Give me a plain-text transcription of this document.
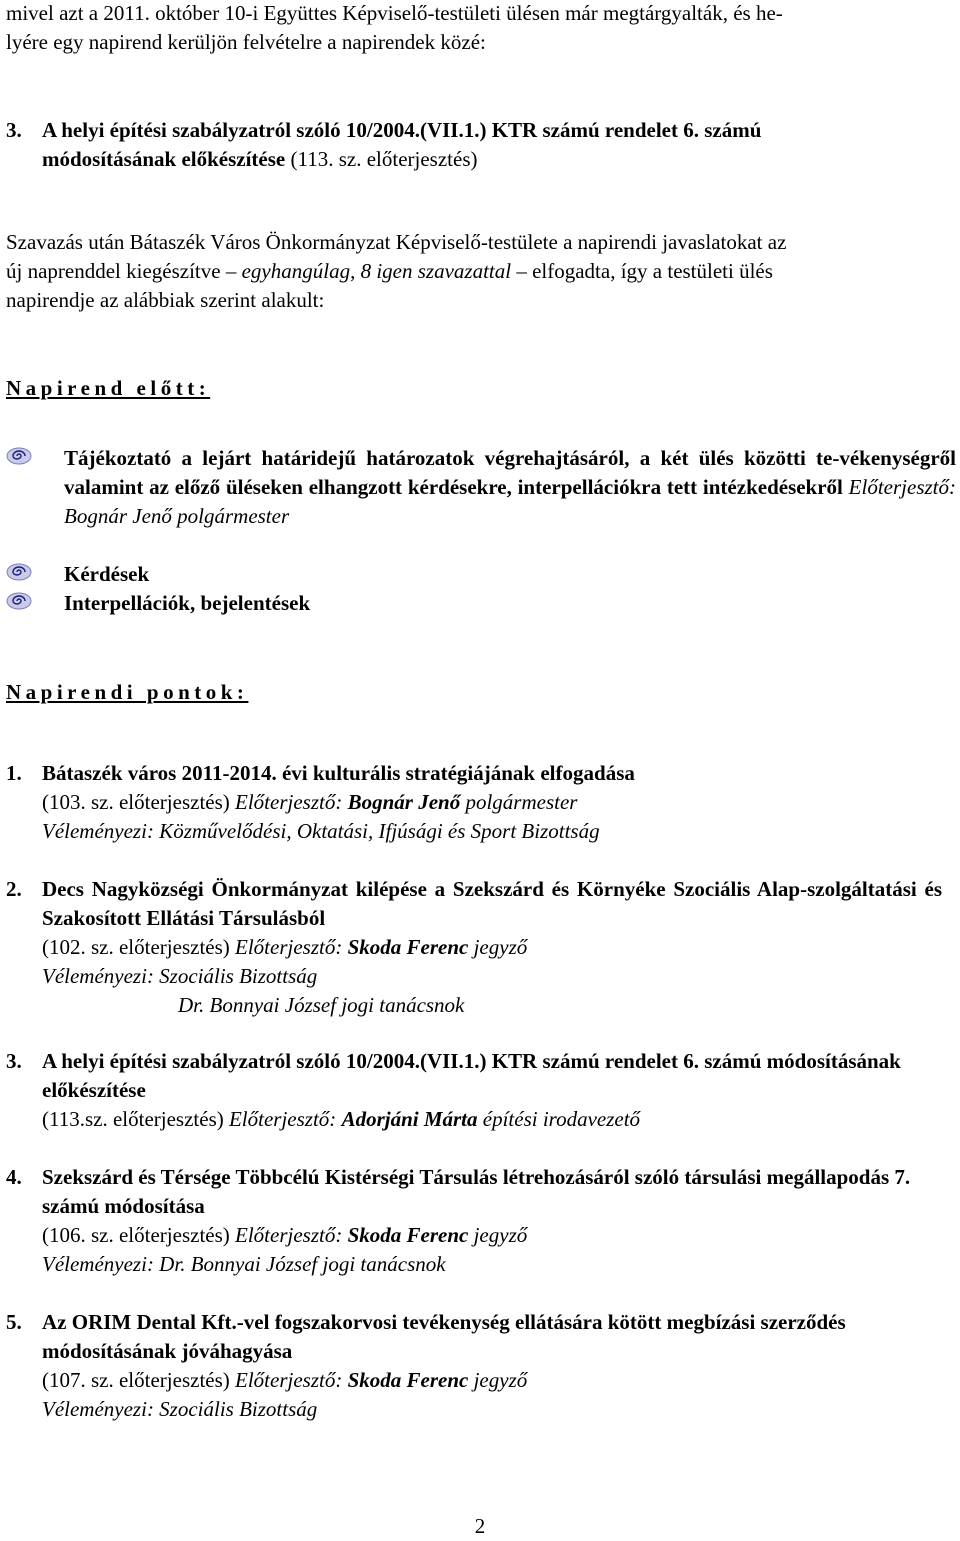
mivel azt a 2011. október 10-i Együttes Képviselő-testületi ülésen már megtárgyalták, és he-

lyére egy napirend kerüljön felvételre a napirendek közé:

3. A helyi építési szabályzatról szóló 10/2004.(VII.1.) KTR számú rendelet 6. számú

módosításának előkészítése (113. sz. előterjesztés)

Szavazás után Bátaszék Város Önkormányzat Képviselő-testülete a napirendi javaslatokat az

új naprenddel kiegészítve – egyhangúlag, 8 igen szavazattal – elfogadta, így a testületi ülés

napirendje az alábbiak szerint alakult:

Napirend előtt:

Tájékoztató a lejárt határidejű határozatok végrehajtásáról, a két ülés közötti te-vékenységről valamint az előző üléseken elhangzott kérdésekre, interpellációkra tett intézkedésekről Előterjesztő: Bognár Jenő polgármester

Kérdések

Interpellációk, bejelentések

Napirendi pontok:
1. Bátaszék város 2011-2014. évi kulturális stratégiájának elfogadása

(103. sz. előterjesztés) Előterjesztő: Bognár Jenő polgármester

Véleményezi: Közművelődési, Oktatási, Ifjúsági és Sport Bizottság

2. Decs Nagyközségi Önkormányzat kilépése a Szekszárd és Környéke Szociális Alap-szolgáltatási és Szakosított Ellátási Társulásból

(102. sz. előterjesztés) Előterjesztő: Skoda Ferenc jegyző

Véleményezi: Szociális Bizottság

Dr. Bonnyai József jogi tanácsnok

3. A helyi építési szabályzatról szóló 10/2004.(VII.1.) KTR számú rendelet 6. számú módosításának előkészítése

(113.sz. előterjesztés) Előterjesztő: Adorjáni Márta építési irodavezető

4. Szekszárd és Térsége Többcélú Kistérségi Társulás létrehozásáról szóló társulási megállapodás 7. számú módosítása

(106. sz. előterjesztés) Előterjesztő: Skoda Ferenc jegyző

Véleményezi: Dr. Bonnyai József jogi tanácsnok

5. Az ORIM Dental Kft.-vel fogszakorvosi tevékenység ellátására kötött megbízási szerződés módosításának jóváhagyása

(107. sz. előterjesztés) Előterjesztő: Skoda Ferenc jegyző

Véleményezi: Szociális Bizottság

2
